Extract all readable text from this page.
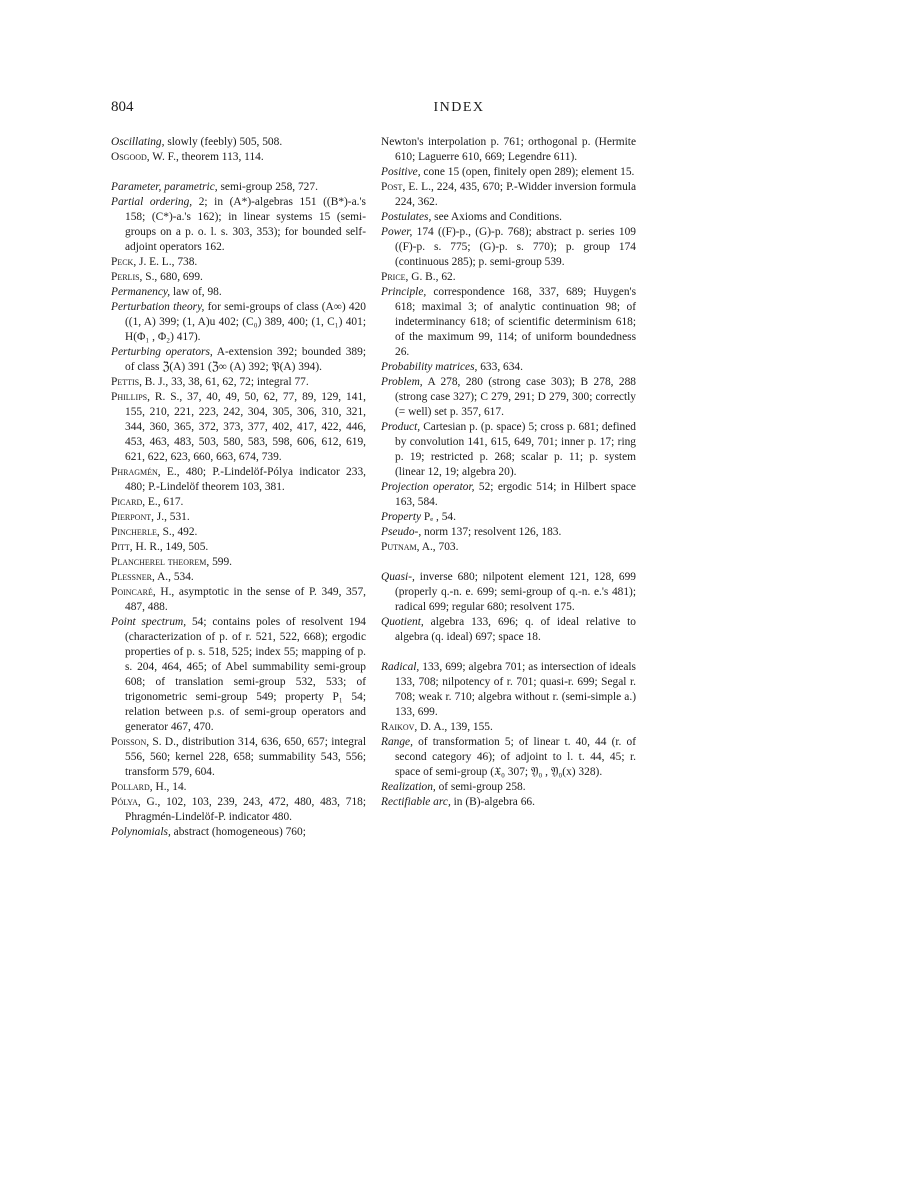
804	INDEX

Oscillating, slowly (feebly) 505, 508.

Osgood, W. F., theorem 113, 114.

Parameter, parametric, semi-group 258, 727.

Partial ordering, 2; in (A*)-algebras 151 ((B*)-a.'s 158; (C*)-a.'s 162); in linear systems 15 (semi-groups on a p. o. l. s. 303, 353); for bounded self-adjoint operators 162.

Peck, J. E. L., 738.

Perlis, S., 680, 699.

Permanency, law of, 98.

Perturbation theory, for semi-groups of class (A∞) 420 ((1, A) 399; (1, A)u 402; (C₀) 389, 400; (1, C₁) 401; H(Φ₁ , Φ₂) 417).

Perturbing operators, A-extension 392; bounded 389; of class ℨ(A) 391 (ℨ∞ (A) 392; 𝔓(A) 394).

Pettis, B. J., 33, 38, 61, 62, 72; integral 77.

Phillips, R. S., 37, 40, 49, 50, 62, 77, 89, 129, 141, 155, 210, 221, 223, 242, 304, 305, 306, 310, 321, 344, 360, 365, 372, 373, 377, 402, 417, 422, 446, 453, 463, 483, 503, 580, 583, 598, 606, 612, 619, 621, 622, 623, 660, 663, 674, 739.

Phragmén, E., 480; P.-Lindelöf-Pólya indicator 233, 480; P.-Lindelöf theorem 103, 381.

Picard, E., 617.

Pierpont, J., 531.

Pincherle, S., 492.

Pitt, H. R., 149, 505.

Plancherel theorem, 599.

Plessner, A., 534.

Poincaré, H., asymptotic in the sense of P. 349, 357, 487, 488.

Point spectrum, 54; contains poles of resolvent 194 (characterization of p. of r. 521, 522, 668); ergodic properties of p. s. 518, 525; index 55; mapping of p. s. 204, 464, 465; of Abel summability semi-group 608; of translation semi-group 532, 533; of trigonometric semi-group 549; property P₁ 54; relation between p.s. of semi-group operators and generator 467, 470.

Poisson, S. D., distribution 314, 636, 650, 657; integral 556, 560; kernel 228, 658; summability 543, 556; transform 579, 604.

Pollard, H., 14.

Pólya, G., 102, 103, 239, 243, 472, 480, 483, 718; Phragmén-Lindelöf-P. indicator 480.

Polynomials, abstract (homogeneous) 760;

Newton's interpolation p. 761; orthogonal p. (Hermite 610; Laguerre 610, 669; Legendre 611).

Positive, cone 15 (open, finitely open 289); element 15.

Post, E. L., 224, 435, 670; P.-Widder inversion formula 224, 362.

Postulates, see Axioms and Conditions.

Power, 174 ((F)-p., (G)-p. 768); abstract p. series 109 ((F)-p. s. 775; (G)-p. s. 770); p. group 174 (continuous 285); p. semi-group 539.

Price, G. B., 62.

Principle, correspondence 168, 337, 689; Huygen's 618; maximal 3; of analytic continuation 98; of indeterminancy 618; of scientific determinism 618; of the maximum 99, 114; of uniform boundedness 26.

Probability matrices, 633, 634.

Problem, A 278, 280 (strong case 303); B 278, 288 (strong case 327); C 279, 291; D 279, 300; correctly (= well) set p. 357, 617.

Product, Cartesian p. (p. space) 5; cross p. 681; defined by convolution 141, 615, 649, 701; inner p. 17; ring p. 19; restricted p. 268; scalar p. 11; p. system (linear 12, 19; algebra 20).

Projection operator, 52; ergodic 514; in Hilbert space 163, 584.

Property Pₑ , 54.

Pseudo-, norm 137; resolvent 126, 183.

Putnam, A., 703.

Quasi-, inverse 680; nilpotent element 121, 128, 699 (properly q.-n. e. 699; semi-group of q.-n. e.'s 481); radical 699; regular 680; resolvent 175.

Quotient, algebra 133, 696; q. of ideal relative to algebra (q. ideal) 697; space 18.

Radical, 133, 699; algebra 701; as intersection of ideals 133, 708; nilpotency of r. 701; quasi-r. 699; Segal r. 708; weak r. 710; algebra without r. (semi-simple a.) 133, 699.

Raikov, D. A., 139, 155.

Range, of transformation 5; of linear t. 40, 44 (r. of second category 46); of adjoint to l. t. 44, 45; r. space of semi-group (𝔛₀ 307; 𝔜₀ , 𝔜₀(x) 328).

Realization, of semi-group 258.

Rectifiable arc, in (B)-algebra 66.
